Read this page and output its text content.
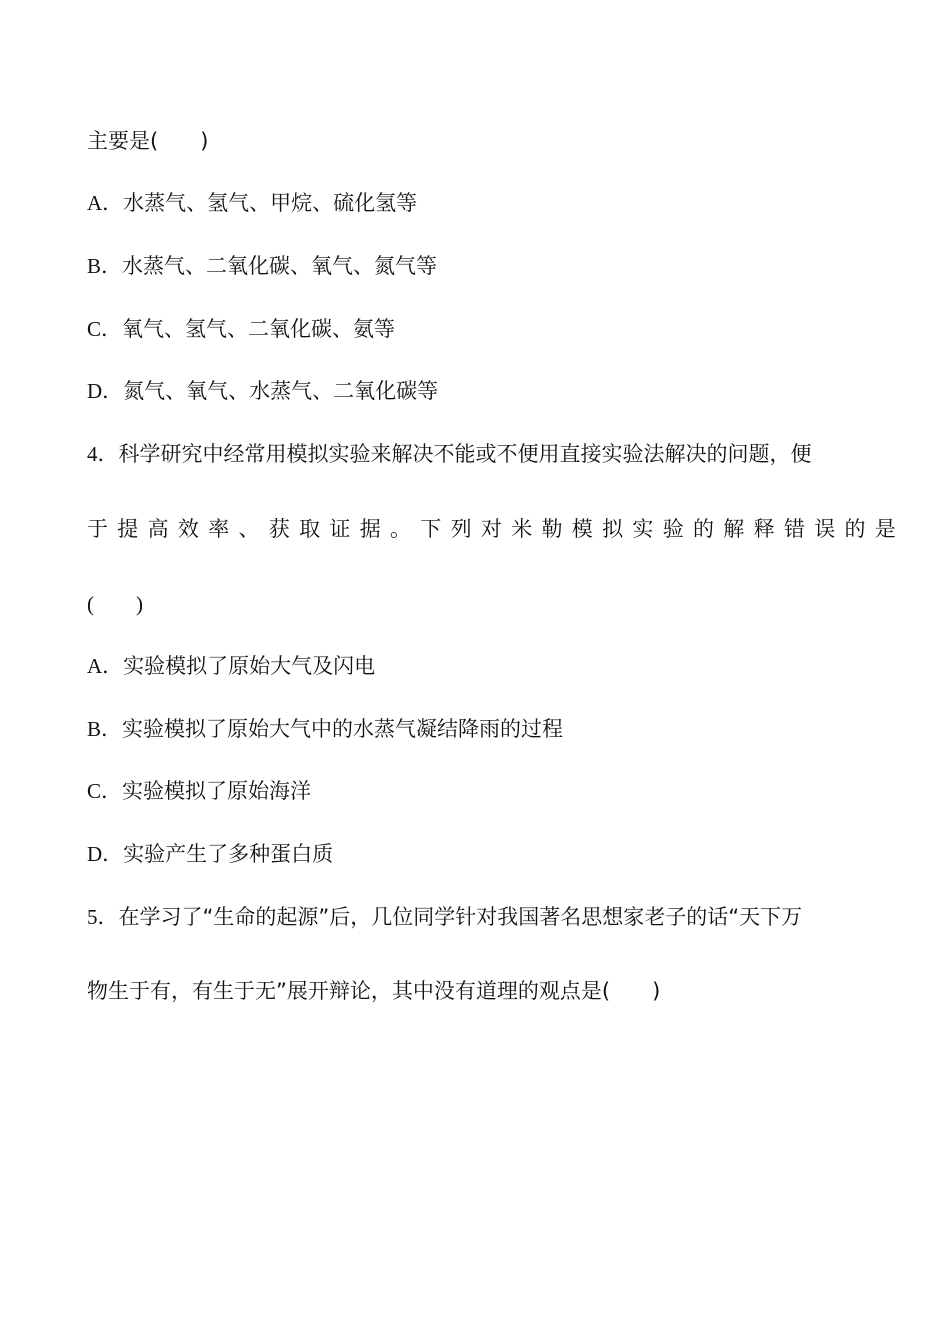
主要是(　　)
A．水蒸气、氢气、甲烷、硫化氢等
B．水蒸气、二氧化碳、氧气、氮气等
C．氧气、氢气、二氧化碳、氨等
D．氮气、氧气、水蒸气、二氧化碳等
4．科学研究中经常用模拟实验来解决不能或不便用直接实验法解决的问题，便
于提高效率、获取证据。下列对米勒模拟实验的解释错误的是
(　　)
A．实验模拟了原始大气及闪电
B．实验模拟了原始大气中的水蒸气凝结降雨的过程
C．实验模拟了原始海洋
D．实验产生了多种蛋白质
5．在学习了“生命的起源”后，几位同学针对我国著名思想家老子的话“天下万
物生于有，有生于无”展开辩论，其中没有道理的观点是(　　)
